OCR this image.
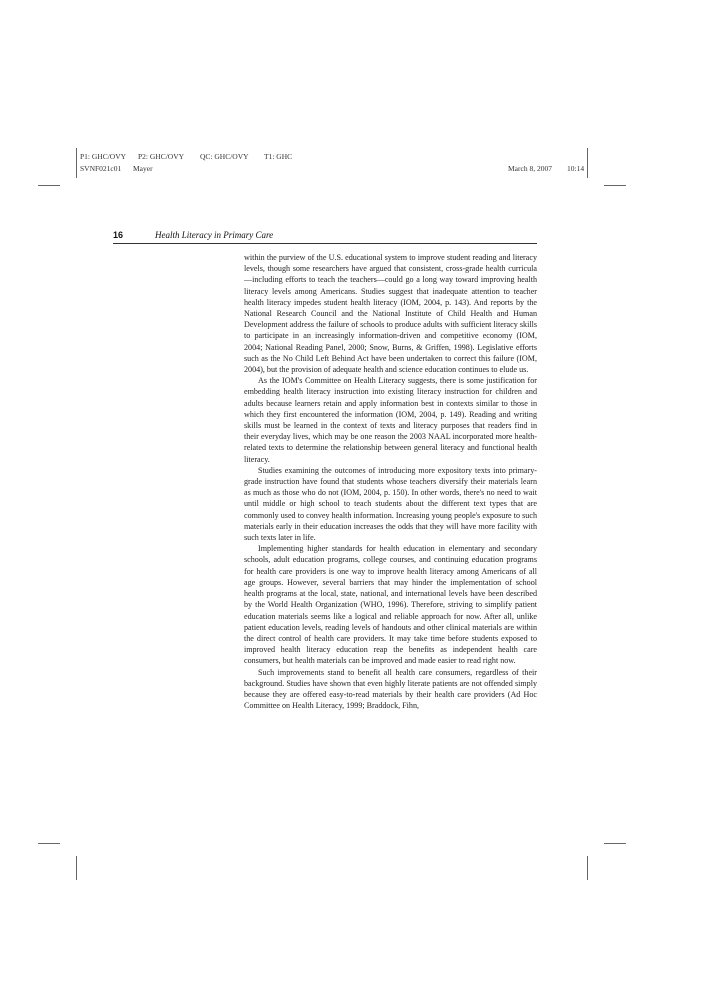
P1: GHC/OVY P2: GHC/OVY QC: GHC/OVY T1: GHC
SVNF021c01 Mayer	March 8, 2007 10:14
16	Health Literacy in Primary Care

within the purview of the U.S. educational system to improve student reading and literacy levels, though some researchers have argued that consistent, cross-grade health curricula—including efforts to teach the teachers—could go a long way toward improving health literacy levels among Americans. Studies suggest that inadequate attention to teacher health literacy impedes student health literacy (IOM, 2004, p. 143). And reports by the National Research Council and the National Institute of Child Health and Human Development address the failure of schools to produce adults with sufficient literacy skills to participate in an increasingly information-driven and competitive economy (IOM, 2004; National Reading Panel, 2000; Snow, Burns, & Griffen, 1998). Legislative efforts such as the No Child Left Behind Act have been undertaken to correct this failure (IOM, 2004), but the provision of adequate health and science education continues to elude us.

As the IOM's Committee on Health Literacy suggests, there is some justification for embedding health literacy instruction into existing literacy instruction for children and adults because learners retain and apply information best in contexts similar to those in which they first encountered the information (IOM, 2004, p. 149). Reading and writing skills must be learned in the context of texts and literacy purposes that readers find in their everyday lives, which may be one reason the 2003 NAAL incorporated more health-related texts to determine the relationship between general literacy and functional health literacy.

Studies examining the outcomes of introducing more expository texts into primary-grade instruction have found that students whose teachers diversify their materials learn as much as those who do not (IOM, 2004, p. 150). In other words, there's no need to wait until middle or high school to teach students about the different text types that are commonly used to convey health information. Increasing young people's exposure to such materials early in their education increases the odds that they will have more facility with such texts later in life.

Implementing higher standards for health education in elementary and secondary schools, adult education programs, college courses, and continuing education programs for health care providers is one way to improve health literacy among Americans of all age groups. However, several barriers that may hinder the implementation of school health programs at the local, state, national, and international levels have been described by the World Health Organization (WHO, 1996). Therefore, striving to simplify patient education materials seems like a logical and reliable approach for now. After all, unlike patient education levels, reading levels of handouts and other clinical materials are within the direct control of health care providers. It may take time before students exposed to improved health literacy education reap the benefits as independent health care consumers, but health materials can be improved and made easier to read right now.

Such improvements stand to benefit all health care consumers, regardless of their background. Studies have shown that even highly literate patients are not offended simply because they are offered easy-to-read materials by their health care providers (Ad Hoc Committee on Health Literacy, 1999; Braddock, Fihn,
